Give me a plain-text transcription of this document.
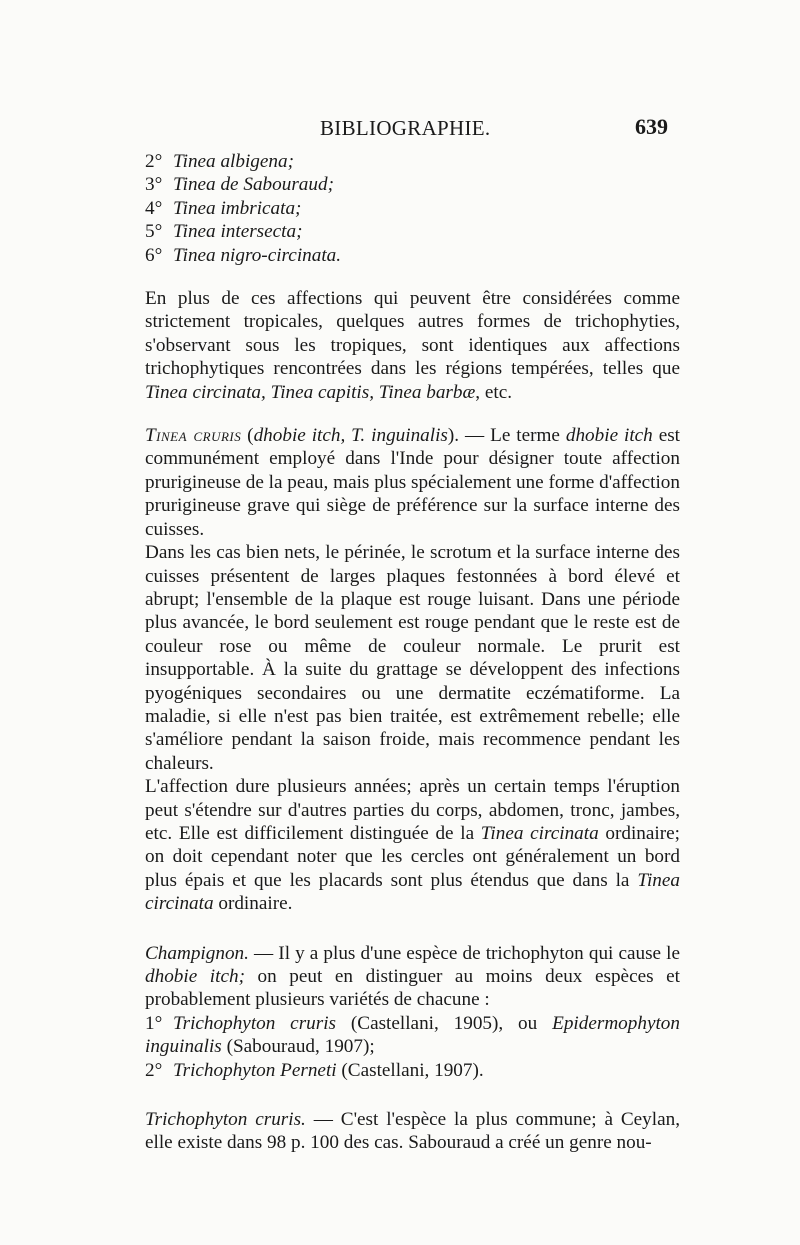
BIBLIOGRAPHIE.	639

2° Tinea albigena;

3° Tinea de Sabouraud;

4° Tinea imbricata;

5° Tinea intersecta;

6° Tinea nigro-circinata.

En plus de ces affections qui peuvent être considérées comme strictement tropicales, quelques autres formes de trichophyties, s'observant sous les tropiques, sont identiques aux affections trichophytiques rencontrées dans les régions tempérées, telles que Tinea circinata, Tinea capitis, Tinea barbæ, etc.

Tinea cruris (dhobie itch, T. inguinalis). — Le terme dhobie itch est communément employé dans l'Inde pour désigner toute affection prurigineuse de la peau, mais plus spécialement une forme d'affection prurigineuse grave qui siège de préférence sur la surface interne des cuisses.

Dans les cas bien nets, le périnée, le scrotum et la surface interne des cuisses présentent de larges plaques festonnées à bord élevé et abrupt; l'ensemble de la plaque est rouge luisant. Dans une période plus avancée, le bord seulement est rouge pendant que le reste est de couleur rose ou même de couleur normale. Le prurit est insupportable. À la suite du grattage se développent des infections pyogéniques secondaires ou une dermatite eczématiforme. La maladie, si elle n'est pas bien traitée, est extrêmement rebelle; elle s'améliore pendant la saison froide, mais recommence pendant les chaleurs.

L'affection dure plusieurs années; après un certain temps l'éruption peut s'étendre sur d'autres parties du corps, abdomen, tronc, jambes, etc. Elle est difficilement distinguée de la Tinea circinata ordinaire; on doit cependant noter que les cercles ont généralement un bord plus épais et que les placards sont plus étendus que dans la Tinea circinata ordinaire.

Champignon. — Il y a plus d'une espèce de trichophyton qui cause le dhobie itch; on peut en distinguer au moins deux espèces et probablement plusieurs variétés de chacune :

1° Trichophyton cruris (Castellani, 1905), ou Epidermophyton inguinalis (Sabouraud, 1907);

2° Trichophyton Perneti (Castellani, 1907).

Trichophyton cruris. — C'est l'espèce la plus commune; à Ceylan, elle existe dans 98 p. 100 des cas. Sabouraud a créé un genre nou-
